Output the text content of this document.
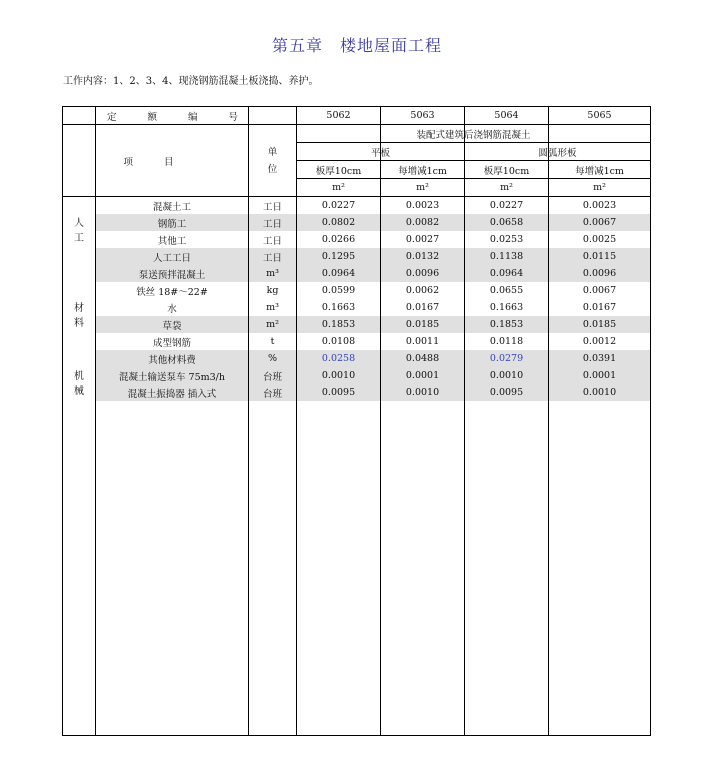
第五章　楼地屋面工程
工作内容：1、2、3、4、现浇钢筋混凝土板浇捣、养护。
定 额 编 号			5062	5063	5064	5065
项 目		单位	装配式建筑后浇钢筋混凝土			
			平板		圆弧形板	
			板厚10cm	每增减1cm	板厚10cm	每增减1cm
			m²	m²	m²	m²
人工	混凝土工	工日	0.0227	0.0023	0.0227	0.0023
	钢筋工	工日	0.0802	0.0082	0.0658	0.0067
	其他工	工日	0.0266	0.0027	0.0253	0.0025
	人工工日	工日	0.1295	0.0132	0.1138	0.0115
材料	泵送预拌混凝土	m³	0.0964	0.0096	0.0964	0.0096
	铁丝 18#～22#	kg	0.0599	0.0062	0.0655	0.0067
	水	m³	0.1663	0.0167	0.1663	0.0167
	草袋	m²	0.1853	0.0185	0.1853	0.0185
	成型钢筋	t	0.0108	0.0011	0.0118	0.0012
	其他材料费	%	0.0258	0.0488	0.0279	0.0391
机械	混凝土输送泵车 75m3/h	台班	0.0010	0.0001	0.0010	0.0001
	混凝土振捣器 插入式	台班	0.0095	0.0010	0.0095	0.0010
